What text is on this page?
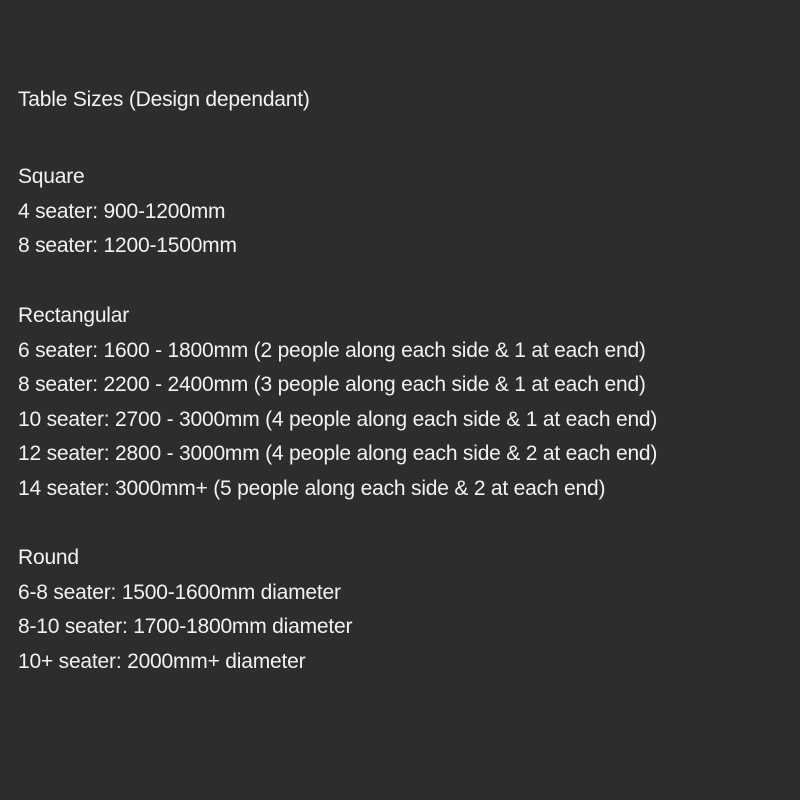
Table Sizes (Design dependant)
Square
4 seater: 900-1200mm
8 seater: 1200-1500mm
Rectangular
6 seater: 1600 - 1800mm (2 people along each side & 1 at each end)
8 seater: 2200 - 2400mm (3 people along each side & 1 at each end)
10 seater: 2700 - 3000mm (4 people along each side & 1 at each end)
12 seater: 2800 - 3000mm (4 people along each side & 2 at each end)
14 seater: 3000mm+ (5 people along each side & 2 at each end)
Round
6-8 seater: 1500-1600mm diameter
8-10 seater: 1700-1800mm diameter
10+ seater: 2000mm+ diameter
